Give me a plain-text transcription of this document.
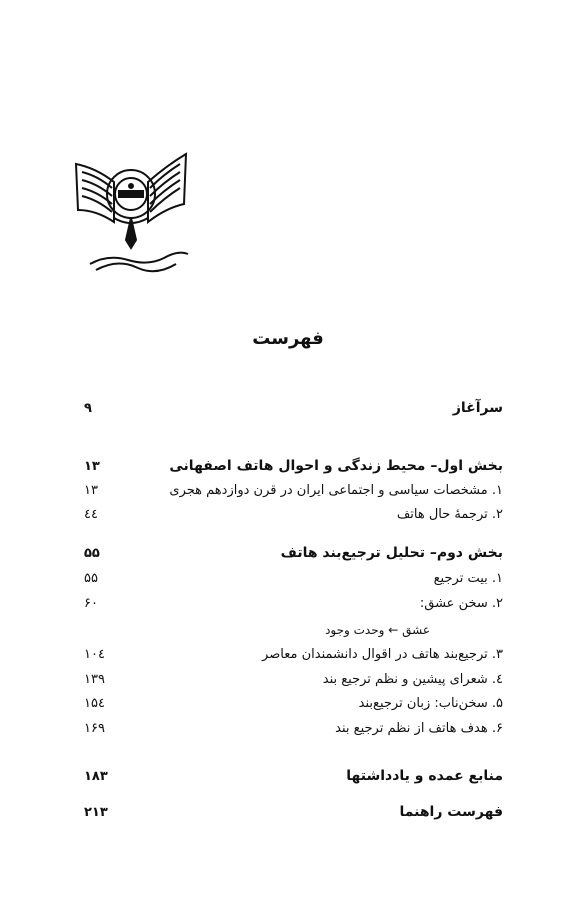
فهرست
سرآغاز
۹
بخش اول– محیط زندگی و احوال هاتف اصفهانی
۱۳
۱. مشخصات سیاسی و اجتماعی ایران در قرن دوازدهم هجری
۱۳
۲. ترجمهٔ حال هاتف
٤٤
بخش دوم– تحلیل ترجیع‌بند هاتف
۵۵
۱. بیت ترجیع
۵۵
۲. سخن عشق:
۶۰
عشق ← وحدت وجود
۳. ترجیع‌بند هاتف در اقوال دانشمندان معاصر
۱۰٤
٤. شعرای پیشین و نظم ترجیع بند
۱۳۹
۵. سخن‌ناب: زبان ترجیع‌بند
۱۵٤
۶. هدف هاتف از نظم ترجیع بند
۱۶۹
منابع عمده و یادداشتها
۱۸۳
فهرست راهنما
۲۱۳
